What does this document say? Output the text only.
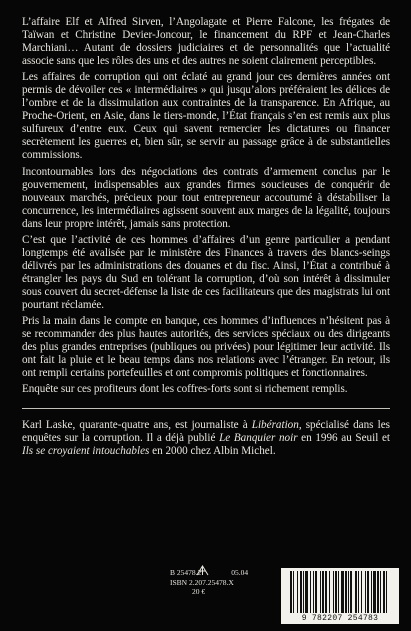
L’affaire Elf et Alfred Sirven, l’Angolagate et Pierre Falcone, les frégates de Taïwan et Christine Devier-Joncour, le financement du RPF et Jean-Charles Marchiani… Autant de dossiers judiciaires et de personnalités que l’actualité associe sans que les rôles des uns et des autres ne soient clairement perceptibles.

Les affaires de corruption qui ont éclaté au grand jour ces dernières années ont permis de dévoiler ces « intermédiaires » qui jusqu’alors préféraient les délices de l’ombre et de la dissimulation aux contraintes de la transparence. En Afrique, au Proche-Orient, en Asie, dans le tiers-monde, l’État français s’en est remis aux plus sulfureux d’entre eux. Ceux qui savent remercier les dictatures ou financer secrètement les guerres et, bien sûr, se servir au passage grâce à de substantielles commissions.

Incontournables lors des négociations des contrats d’armement conclus par le gouvernement, indispensables aux grandes firmes soucieuses de conquérir de nouveaux marchés, précieux pour tout entrepreneur accoutumé à déstabiliser la concurrence, les intermédiaires agissent souvent aux marges de la légalité, toujours dans leur propre intérêt, jamais sans protection.

C’est que l’activité de ces hommes d’affaires d’un genre particulier a pendant longtemps été avalisée par le ministère des Finances à travers des blancs-seings délivrés par les administrations des douanes et du fisc. Ainsi, l’État a contribué à étrangler les pays du Sud en tolérant la corruption, d’où son intérêt à dissimuler sous couvert du secret-défense la liste de ces facilitateurs que des magistrats lui ont pourtant réclamée.

Pris la main dans le compte en banque, ces hommes d’influences n’hésitent pas à se recommander des plus hautes autorités, des services spéciaux ou des dirigeants des plus grandes entreprises (publiques ou privées) pour légitimer leur activité. Ils ont fait la pluie et le beau temps dans nos relations avec l’étranger. En retour, ils ont rempli certains portefeuilles et ont compromis politiques et fonctionnaires.

Enquête sur ces profiteurs dont les coffres-forts sont si richement remplis.

Karl Laske, quarante-quatre ans, est journaliste à Libération, spécialisé dans les enquêtes sur la corruption. Il a déjà publié Le Banquier noir en 1996 au Seuil et Ils se croyaient intouchables en 2000 chez Albin Michel.

B 25478.2	05.04
ISBN 2.207.25478.X
20 €
9 782207 254783
